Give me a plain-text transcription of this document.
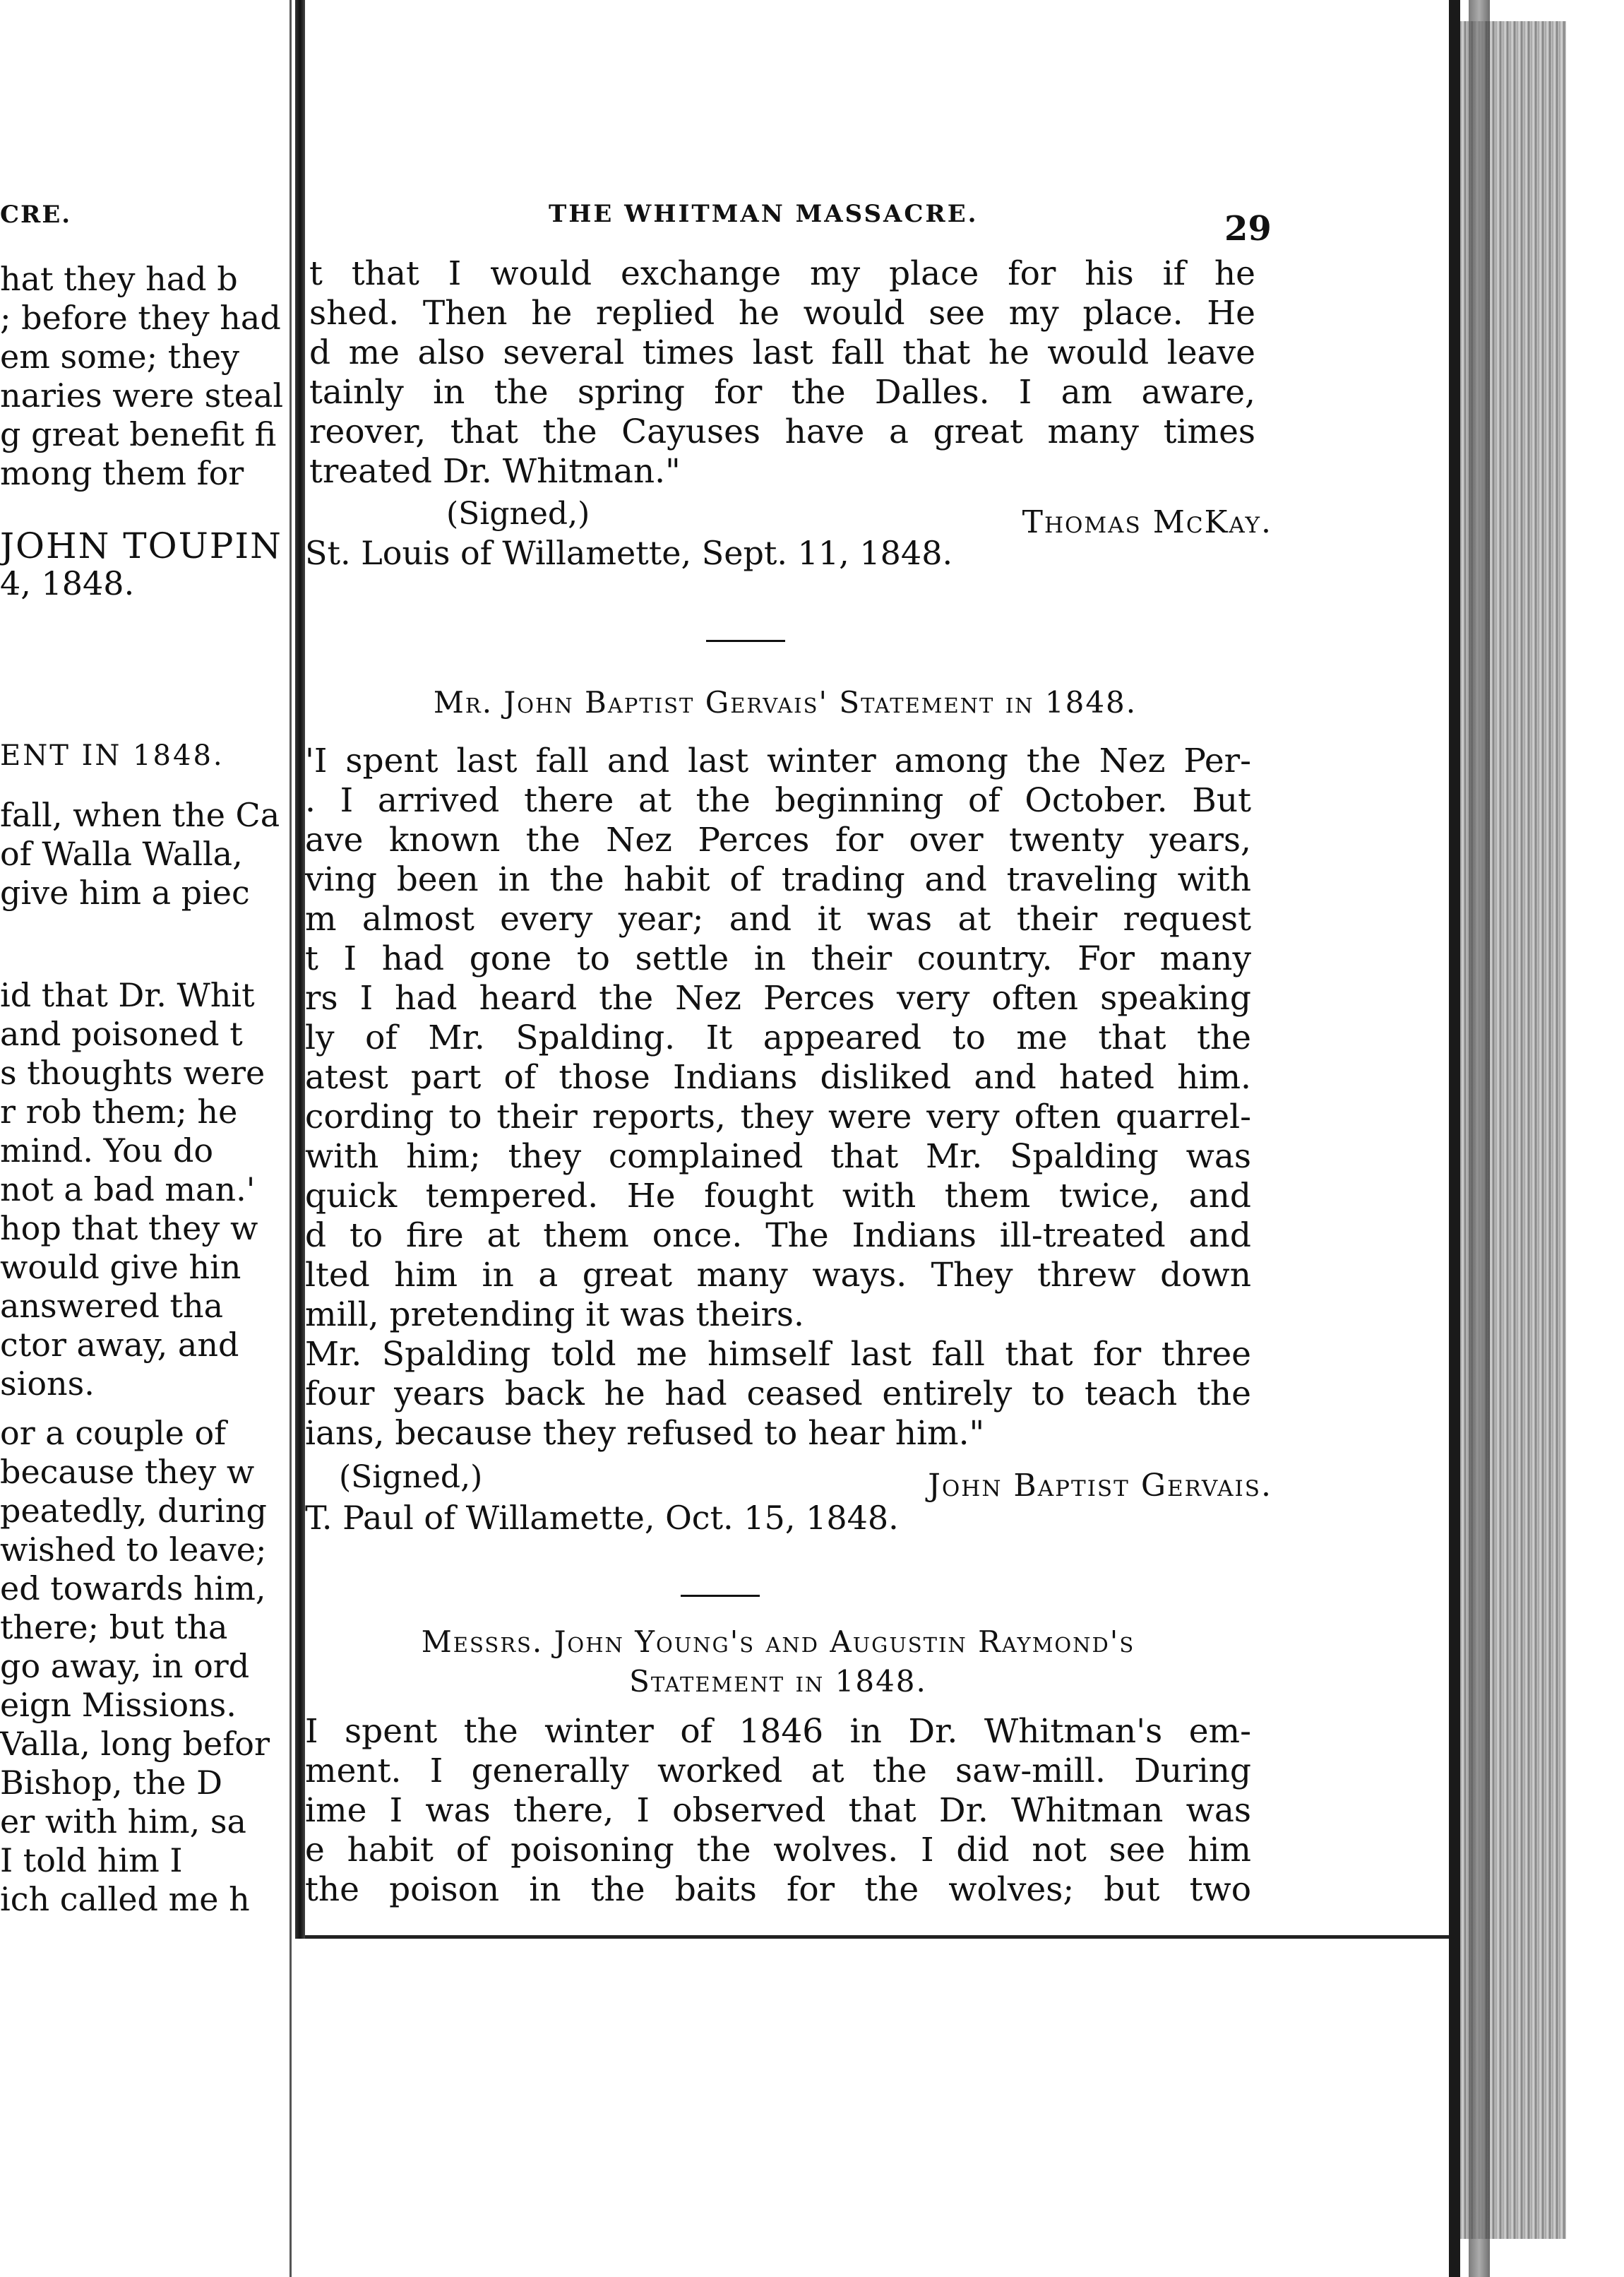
CRE.
hat they had b
; before they had
em some; they
naries were steal
g great benefit fi
mong them for
JOHN TOUPIN
4, 1848.
ENT IN 1848.
fall, when the Ca
of Walla Walla,
give him a piec
id that Dr. Whit
and poisoned t
s thoughts were
r rob them; he
mind. You do
not a bad man.'
hop that they w
would give hin
answered tha
ctor away, and
sions.
or a couple of
because they w
peatedly, during
wished to leave;
ed towards him,
there; but tha
go away, in ord
eign Missions.
Valla, long befor
Bishop, the D
er with him, sa
I told him I
ich called me h
THE WHITMAN MASSACRE.	29
t that I would exchange my place for his if he
shed. Then he replied he would see my place. He
d me also several times last fall that he would leave
tainly in the spring for the Dalles. I am aware,
reover, that the Cayuses have a great many times
treated Dr. Whitman."
(Signed,)	Thomas McKay.
St. Louis of Willamette, Sept. 11, 1848.
Mr. John Baptist Gervais' Statement in 1848.
'I spent last fall and last winter among the Nez Per-
. I arrived there at the beginning of October. But
ave known the Nez Perces for over twenty years,
ving been in the habit of trading and traveling with
m almost every year; and it was at their request
t I had gone to settle in their country. For many
rs I had heard the Nez Perces very often speaking
ly of Mr. Spalding. It appeared to me that the
atest part of those Indians disliked and hated him.
cording to their reports, they were very often quarrel-
with him; they complained that Mr. Spalding was
quick tempered. He fought with them twice, and
d to fire at them once. The Indians ill-treated and
lted him in a great many ways. They threw down
mill, pretending it was theirs.
Mr. Spalding told me himself last fall that for three
four years back he had ceased entirely to teach the
ians, because they refused to hear him."
(Signed,)	John Baptist Gervais.
T. Paul of Willamette, Oct. 15, 1848.
Messrs. John Young's and Augustin Raymond's
Statement in 1848.
I spent the winter of 1846 in Dr. Whitman's em-
ment. I generally worked at the saw-mill. During
ime I was there, I observed that Dr. Whitman was
e habit of poisoning the wolves. I did not see him
the poison in the baits for the wolves; but two
